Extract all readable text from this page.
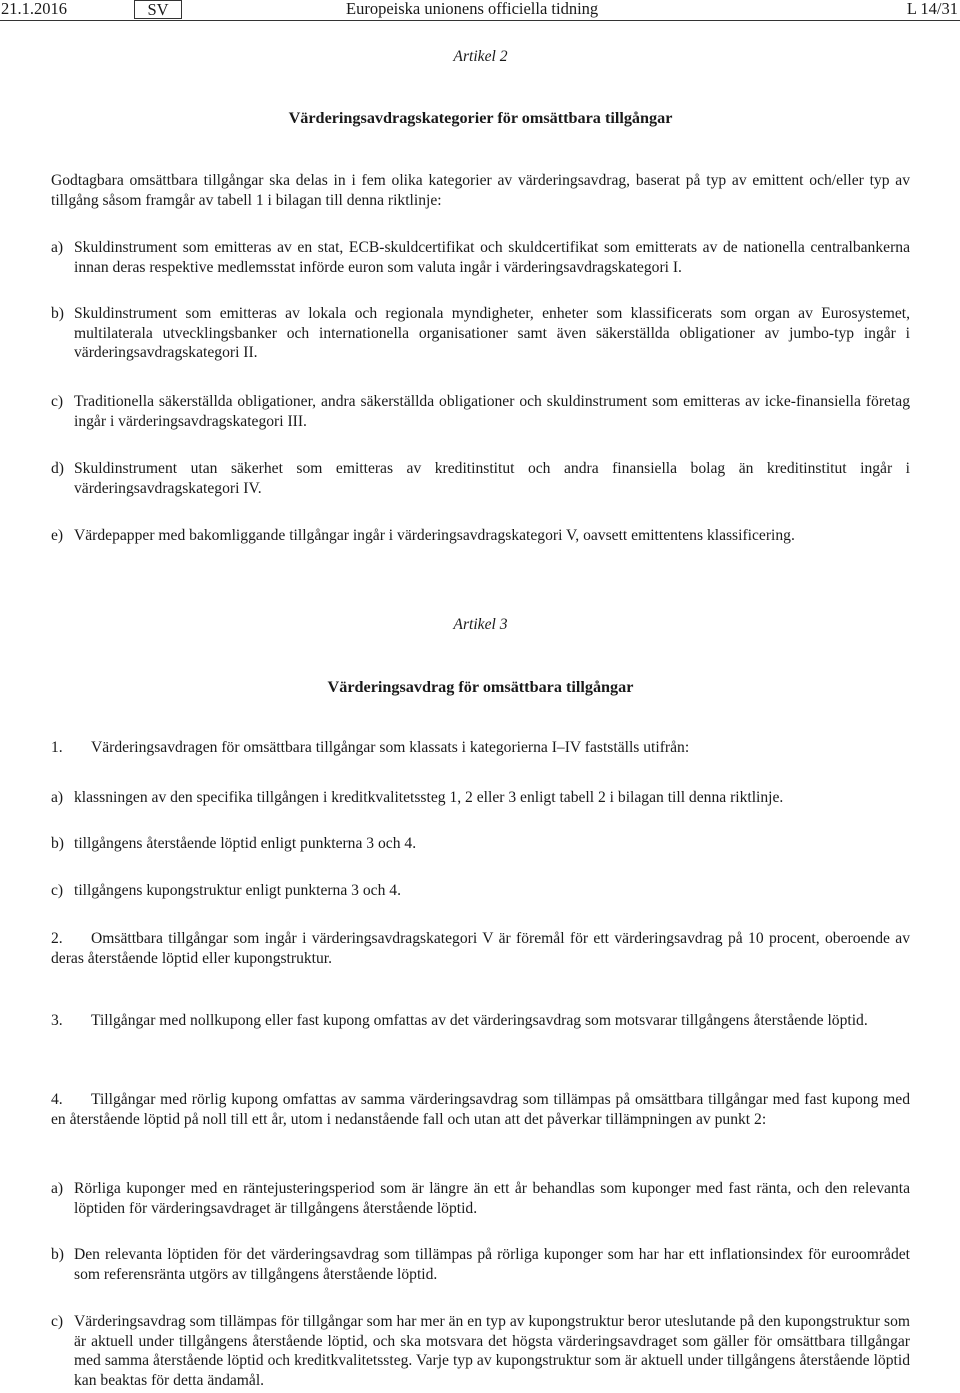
21.1.2016	SV	Europeiska unionens officiella tidning	L 14/31

Artikel 2

Värderingsavdragskategorier för omsättbara tillgångar

Godtagbara omsättbara tillgångar ska delas in i fem olika kategorier av värderingsavdrag, baserat på typ av emittent och/eller typ av tillgång såsom framgår av tabell 1 i bilagan till denna riktlinje:

a) Skuldinstrument som emitteras av en stat, ECB-skuldcertifikat och skuldcertifikat som emitterats av de nationella centralbankerna innan deras respektive medlemsstat införde euron som valuta ingår i värderingsavdragskategori I.
b) Skuldinstrument som emitteras av lokala och regionala myndigheter, enheter som klassificerats som organ av Eurosystemet, multilaterala utvecklingsbanker och internationella organisationer samt även säkerställda obligationer av jumbo-typ ingår i värderingsavdragskategori II.
c) Traditionella säkerställda obligationer, andra säkerställda obligationer och skuldinstrument som emitteras av icke-finansiella företag ingår i värderingsavdragskategori III.
d) Skuldinstrument utan säkerhet som emitteras av kreditinstitut och andra finansiella bolag än kreditinstitut ingår i värderingsavdragskategori IV.
e) Värdepapper med bakomliggande tillgångar ingår i värderingsavdragskategori V, oavsett emittentens klassificering.

Artikel 3

Värderingsavdrag för omsättbara tillgångar

1. Värderingsavdragen för omsättbara tillgångar som klassats i kategorierna I–IV fastställs utifrån:

a) klassningen av den specifika tillgången i kreditkvalitetssteg 1, 2 eller 3 enligt tabell 2 i bilagan till denna riktlinje.
b) tillgångens återstående löptid enligt punkterna 3 och 4.
c) tillgångens kupongstruktur enligt punkterna 3 och 4.

2. Omsättbara tillgångar som ingår i värderingsavdragskategori V är föremål för ett värderingsavdrag på 10 procent, oberoende av deras återstående löptid eller kupongstruktur.

3. Tillgångar med nollkupong eller fast kupong omfattas av det värderingsavdrag som motsvarar tillgångens återstående löptid.

4. Tillgångar med rörlig kupong omfattas av samma värderingsavdrag som tillämpas på omsättbara tillgångar med fast kupong med en återstående löptid på noll till ett år, utom i nedanstående fall och utan att det påverkar tillämpningen av punkt 2:

a) Rörliga kuponger med en räntejusteringsperiod som är längre än ett år behandlas som kuponger med fast ränta, och den relevanta löptiden för värderingsavdraget är tillgångens återstående löptid.
b) Den relevanta löptiden för det värderingsavdrag som tillämpas på rörliga kuponger som har har ett inflationsindex för euroområdet som referensränta utgörs av tillgångens återstående löptid.
c) Värderingsavdrag som tillämpas för tillgångar som har mer än en typ av kupongstruktur beror uteslutande på den kupongstruktur som är aktuell under tillgångens återstående löptid, och ska motsvara det högsta värderingsavdraget som gäller för omsättbara tillgångar med samma återstående löptid och kreditkvalitetssteg. Varje typ av kupongstruktur som är aktuell under tillgångens återstående löptid kan beaktas för detta ändamål.
